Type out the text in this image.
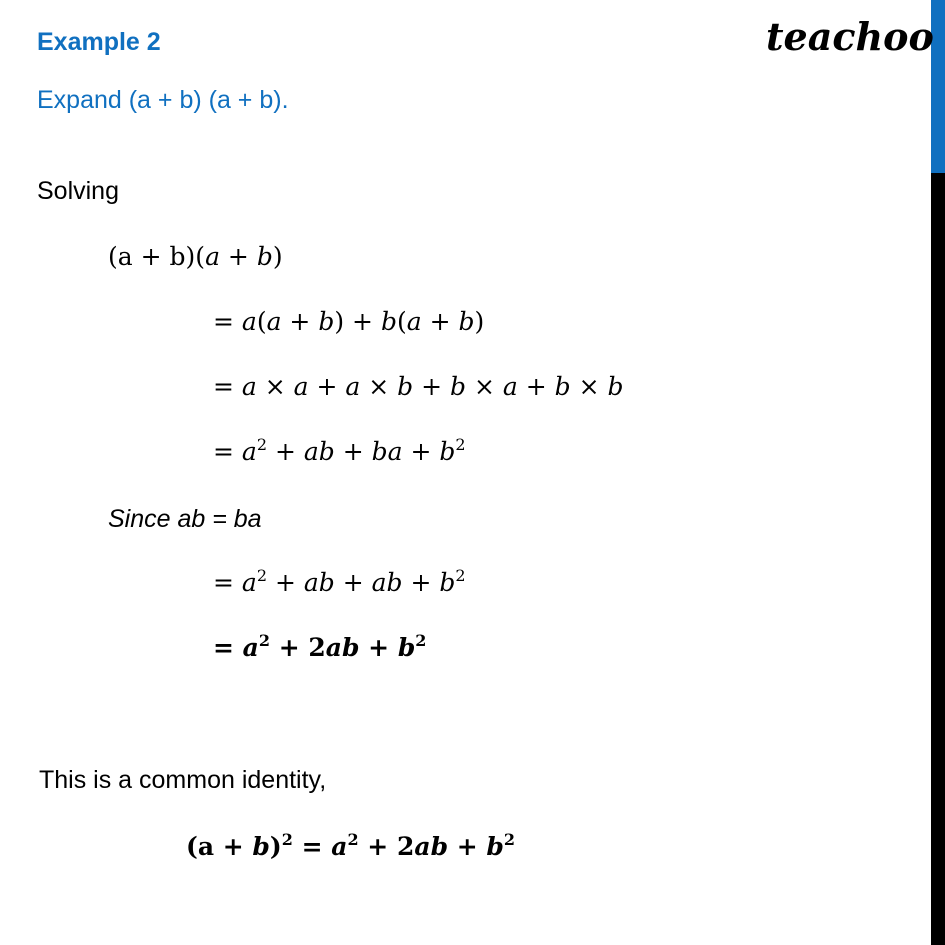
teachoo
Example 2
Expand (a + b) (a + b).
Solving
(a + b)(a + b)
= a(a + b) + b(a + b)
= a × a + a × b + b × a + b × b
= $a^2$ + ab + ba + $b^2$
Since ab = ba
= $a^2$ + ab + ab + $b^2$
= $a^2 + 2ab + b^2$
This is a common identity,
$(a + b)^2 = a^2 + 2ab + b^2$
